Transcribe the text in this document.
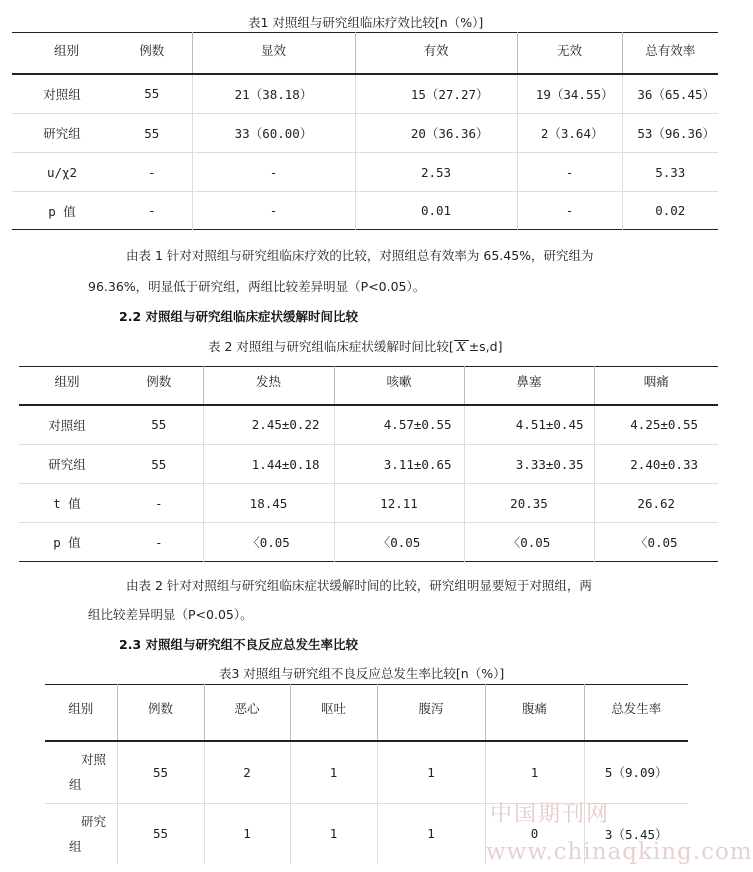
表1 对照组与研究组临床疗效比较[n（%）]
组别	例数	显效	有效	无效	总有效率
对照组	55	21（38.18）	15（27.27）	19（34.55）	36（65.45）
研究组	55	33（60.00）	20（36.36）	2（3.64）	53（96.36）
u/χ2	-	-	2.53	-	5.33
p 值	-	-	0.01	-	0.02
由表 1 针对对照组与研究组临床疗效的比较，对照组总有效率为 65.45%，研究组为
96.36%，明显低于研究组，两组比较差异明显（P<0.05）。
2.2 对照组与研究组临床症状缓解时间比较
表 2 对照组与研究组临床症状缓解时间比较[ X ±s,d]
组别	例数	发热	咳嗽	鼻塞	咽痛
对照组	55	2.45±0.22	4.57±0.55	4.51±0.45	4.25±0.55
研究组	55	1.44±0.18	3.11±0.65	3.33±0.35	2.40±0.33
t 值	-	18.45	12.11	20.35	26.62
p 值	-	〈0.05	〈0.05	〈0.05	〈0.05
由表 2 针对对照组与研究组临床症状缓解时间的比较，研究组明显要短于对照组，两
组比较差异明显（P<0.05）。
2.3 对照组与研究组不良反应总发生率比较
表3 对照组与研究组不良反应总发生率比较[n（%）]
组别	例数	恶心	呕吐	腹泻	腹痛	总发生率

对照
组	55	2	1	1	1	5（9.09）

研究
组	55	1	1	1	0	3（5.45）
中国期刊网
www.chinaqking.com
